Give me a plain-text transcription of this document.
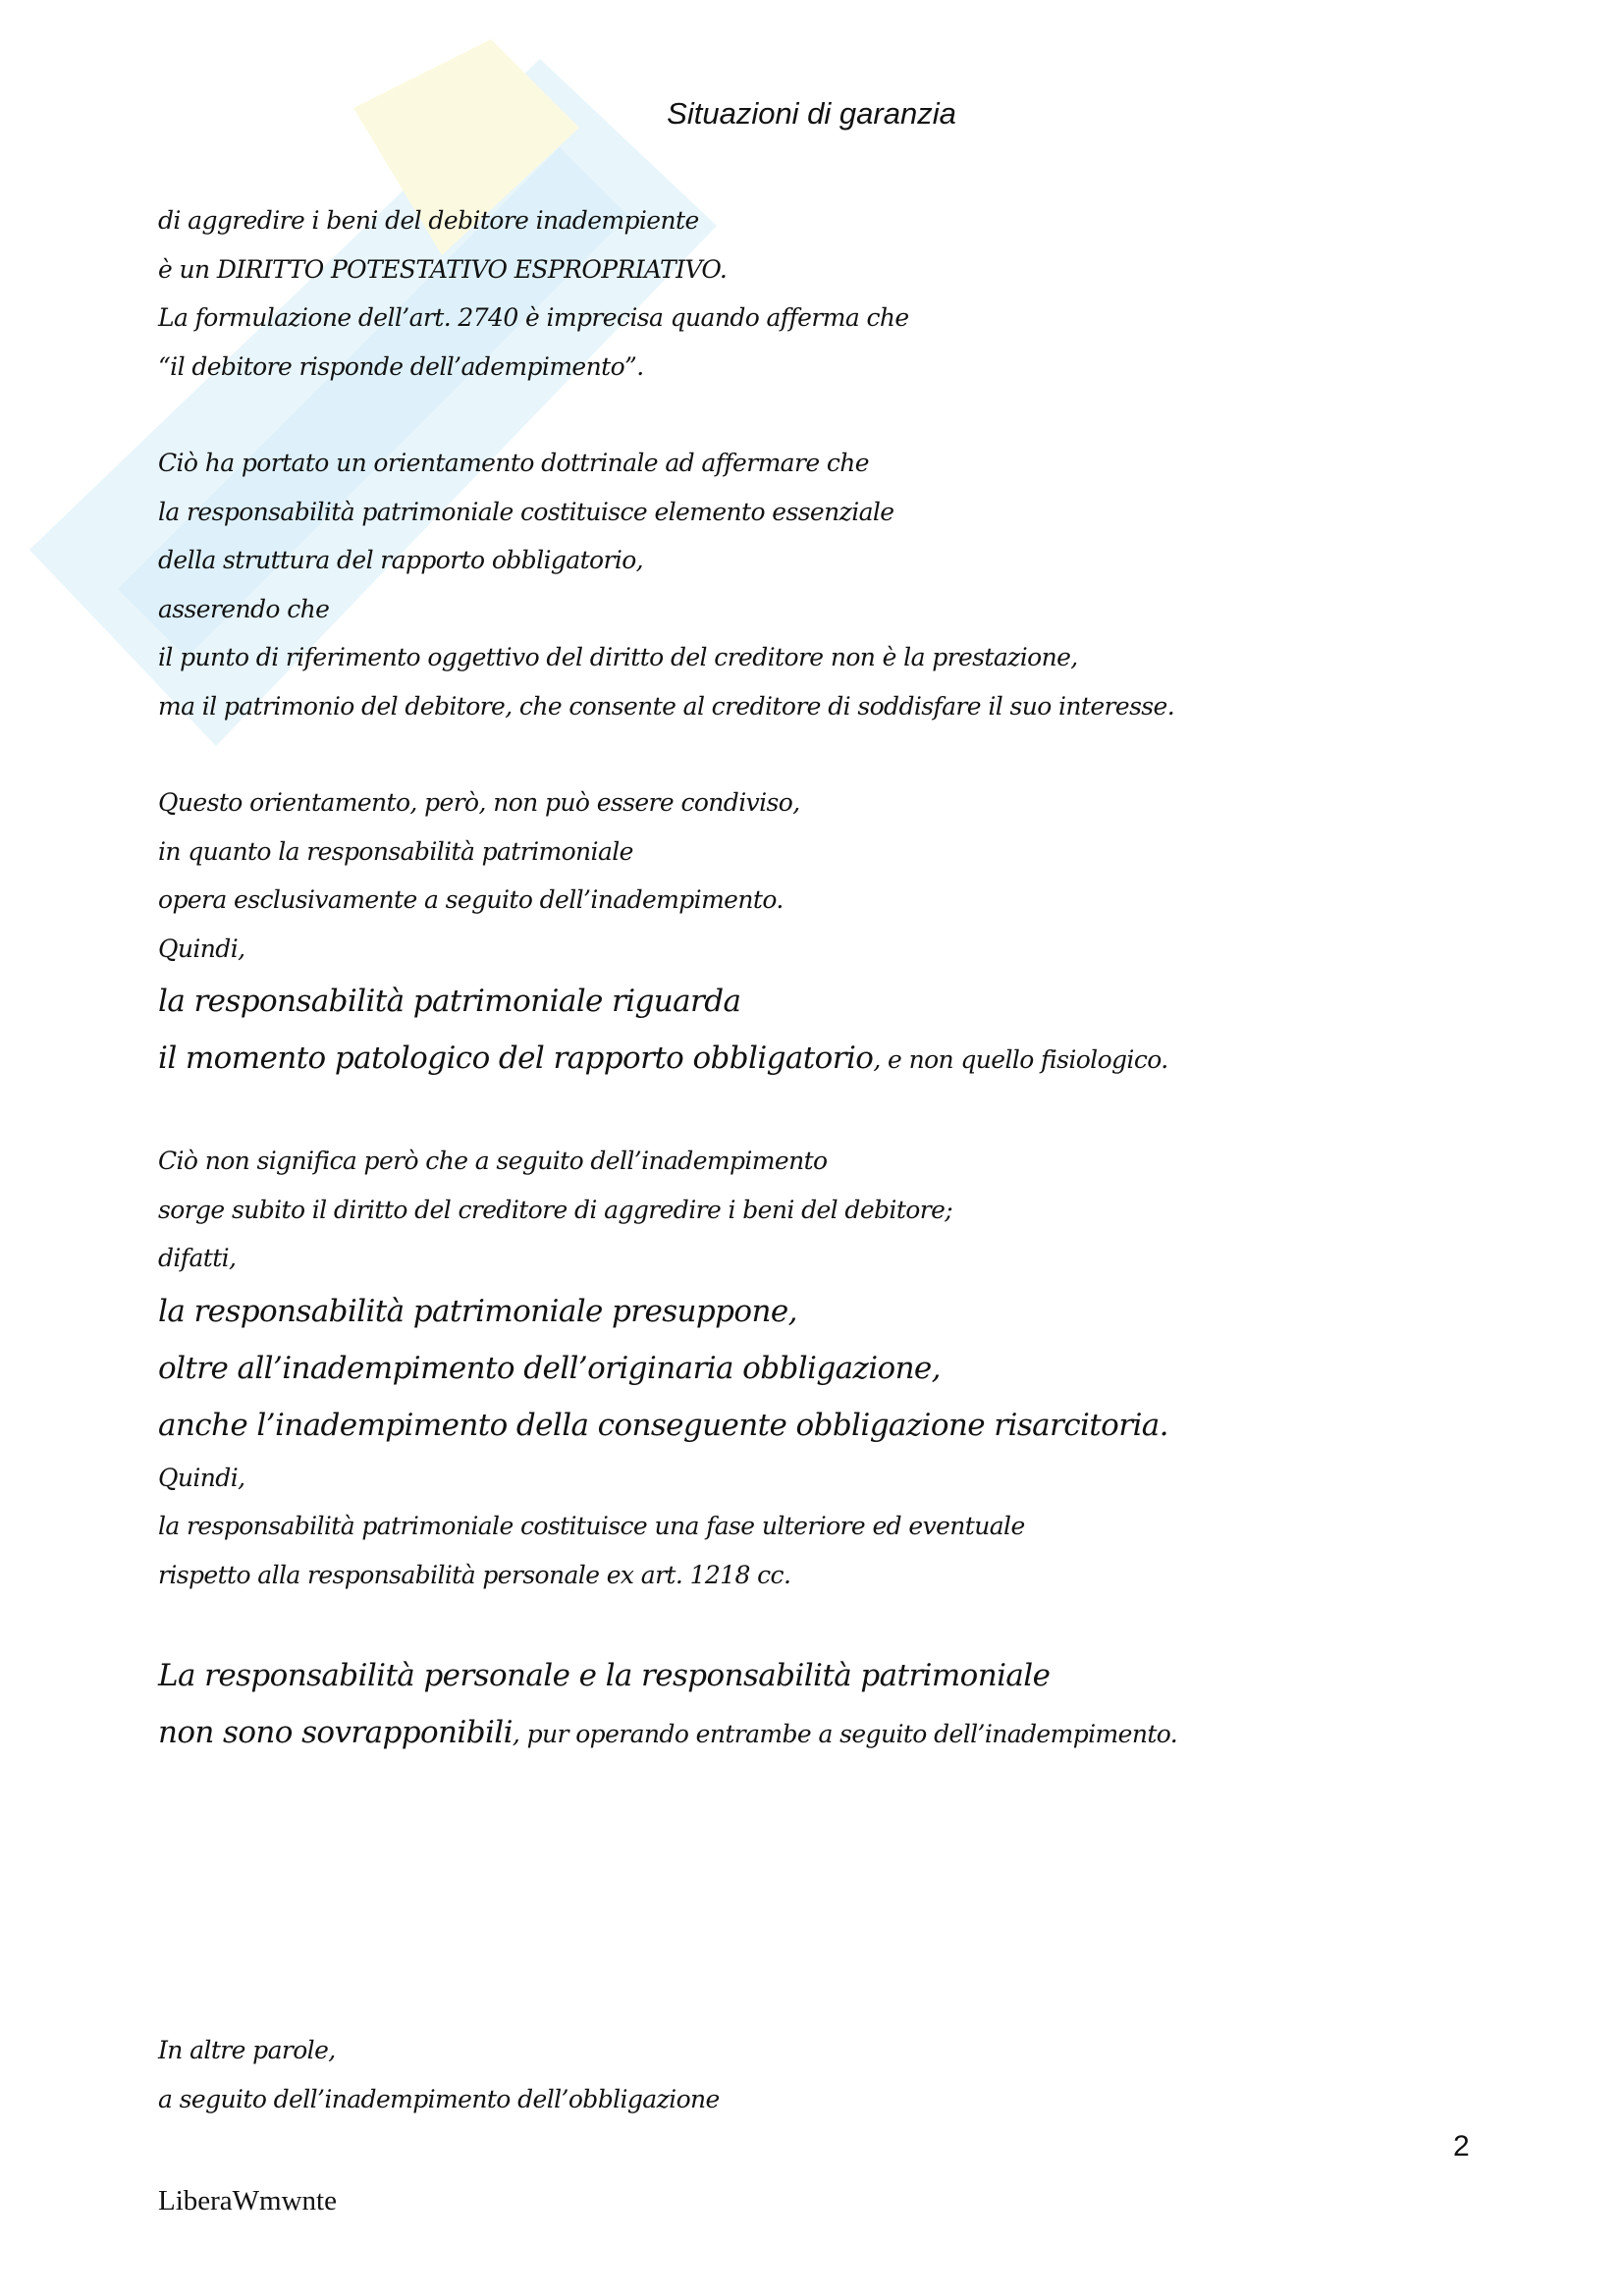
Situazioni di garanzia
di aggredire i beni del debitore inadempiente
è un DIRITTO POTESTATIVO ESPROPRIATIVO.
La formulazione dell’art. 2740 è imprecisa quando afferma che
“il debitore risponde dell’adempimento”.
Ciò ha portato un orientamento dottrinale ad affermare che
la responsabilità patrimoniale costituisce elemento essenziale
della struttura del rapporto obbligatorio,
asserendo che
il punto di riferimento oggettivo del diritto del creditore non è la prestazione,
ma il patrimonio del debitore, che consente al creditore di soddisfare il suo interesse.
Questo orientamento, però, non può essere condiviso,
in quanto la responsabilità patrimoniale
opera esclusivamente a seguito dell’inadempimento.
Quindi,
la responsabilità patrimoniale riguarda
il momento patologico del rapporto obbligatorio, e non quello fisiologico.
Ciò non significa però che a seguito dell’inadempimento
sorge subito il diritto del creditore di aggredire i beni del debitore;
difatti,
la responsabilità patrimoniale presuppone,
oltre all’inadempimento dell’originaria obbligazione,
anche l’inadempimento della conseguente obbligazione risarcitoria.
Quindi,
la responsabilità patrimoniale costituisce una fase ulteriore ed eventuale
rispetto alla responsabilità personale ex art. 1218 cc.
La responsabilità personale e la responsabilità patrimoniale
non sono sovrapponibili, pur operando entrambe a seguito dell’inadempimento.
In altre parole,
a seguito dell’inadempimento dell’obbligazione
2
LiberaWmwnte
